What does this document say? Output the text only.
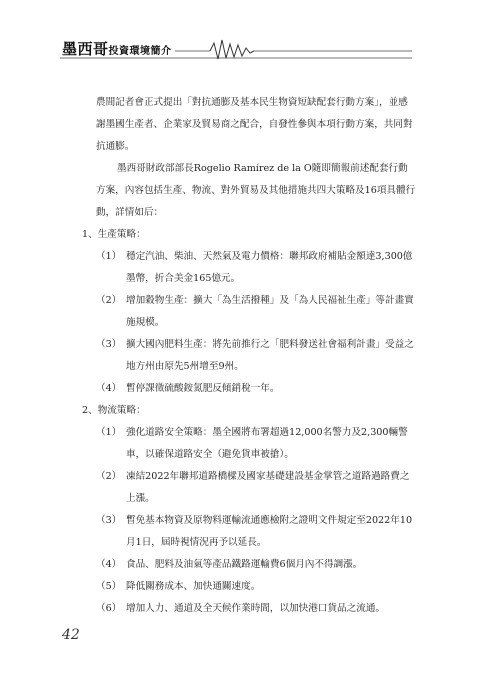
墨西哥投資環境簡介

農間記者會正式提出「對抗通膨及基本民生物資短缺配套行動方案」，並感謝墨國生產者、企業家及貿易商之配合，自發性參與本項行動方案，共同對抗通膨。

墨西哥財政部部長Rogelio Ramírez de la O隨即簡報前述配套行動方案，內容包括生產、物流、對外貿易及其他措施共四大策略及16項具體行動，詳情如后：

1、生產策略：

（1） 穩定汽油、柴油、天然氣及電力價格：聯邦政府補貼金額達3,300億墨幣，折合美金165億元。
（2） 增加穀物生產：擴大「為生活撥種」及「為人民福祉生產」等計畫實施規模。
（3） 擴大國內肥料生產：將先前推行之「肥料發送社會福利計畫」受益之地方州由原先5州增至9州。
（4） 暫停課徵硫酸銨氮肥反傾銷稅一年。

2、物流策略：

（1） 強化道路安全策略：墨全國將布署超過12,000名警力及2,300輛警車，以確保道路安全（避免貨車被搶）。
（2） 凍結2022年聯邦道路橋樑及國家基礎建設基金掌管之道路過路費之上漲。
（3） 暫免基本物資及原物料運輸流通應檢附之證明文件規定至2022年10月1日，屆時視情況再予以延長。
（4） 食品、肥料及油氣等產品鐵路運輸費6個月內不得調漲。
（5） 降低關務成本、加快通關速度。
（6） 增加人力、通道及全天候作業時間，以加快港口貨品之流通。
42
